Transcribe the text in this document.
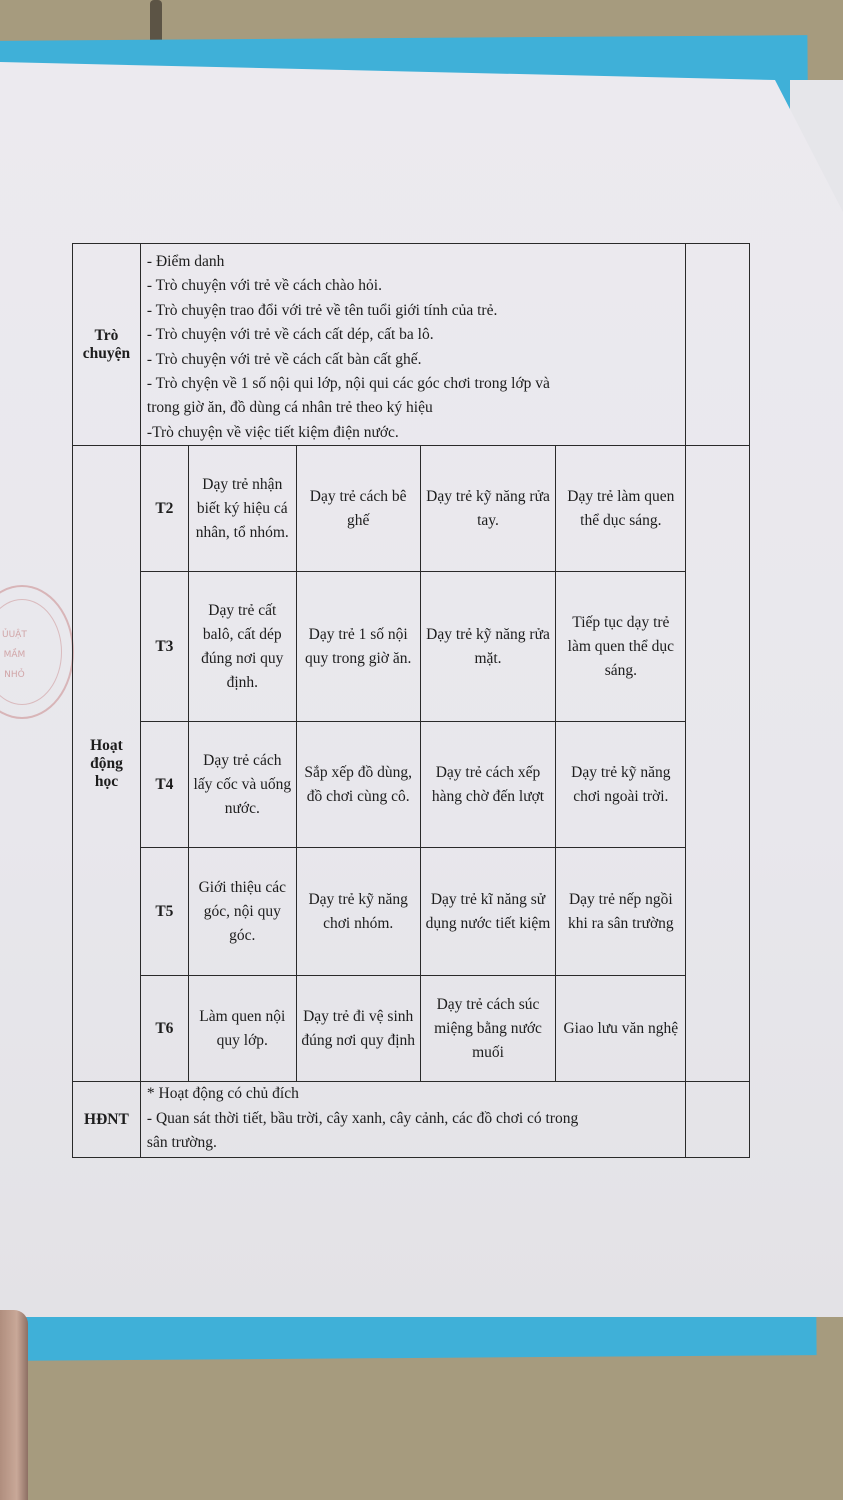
ỦUẬT
MẦM
NHỎ
Trò chuyện	
- Điểm danh
- Trò chuyện với trẻ về cách chào hỏi.
- Trò chuyện trao đổi với trẻ về tên tuổi giới tính của trẻ.
- Trò chuyện với trẻ về cách cất dép, cất ba lô.
- Trò chuyện với trẻ về cách cất bàn cất ghế.
- Trò chyện về 1 số nội qui lớp, nội qui các góc chơi trong lớp và
trong giờ ăn, đồ dùng cá nhân trẻ theo ký hiệu
-Trò chuyện về việc tiết kiệm điện nước.

Hoạt động học	T2	Dạy trẻ nhận biết ký hiệu cá nhân, tổ nhóm.	Dạy trẻ cách bê ghế	Dạy trẻ kỹ năng rửa tay.	Dạy trẻ làm quen thể dục sáng.	
	T3	Dạy trẻ cất balô, cất dép đúng nơi quy định.	Dạy trẻ 1 số nội quy trong giờ ăn.	Dạy trẻ kỹ năng rửa mặt.	Tiếp tục dạy trẻ làm quen thể dục sáng.	
	T4	Dạy trẻ cách lấy cốc và uống nước.	Sắp xếp đồ dùng, đồ chơi cùng cô.	Dạy trẻ cách xếp hàng chờ đến lượt	Dạy trẻ kỹ năng chơi ngoài trời.	
	T5	Giới thiệu các góc, nội quy góc.	Dạy trẻ kỹ năng chơi nhóm.	Dạy trẻ kĩ năng sử dụng nước tiết kiệm	Dạy trẻ nếp ngồi khi ra sân trường	
	T6	Làm quen nội quy lớp.	Dạy trẻ đi vệ sinh đúng nơi quy định	Dạy trẻ cách súc miệng bằng nước muối	Giao lưu văn nghệ	
HĐNT	* Hoạt động có chủ đích
- Quan sát thời tiết, bầu trời, cây xanh, cây cảnh, các đồ chơi có trong
sân trường.					
